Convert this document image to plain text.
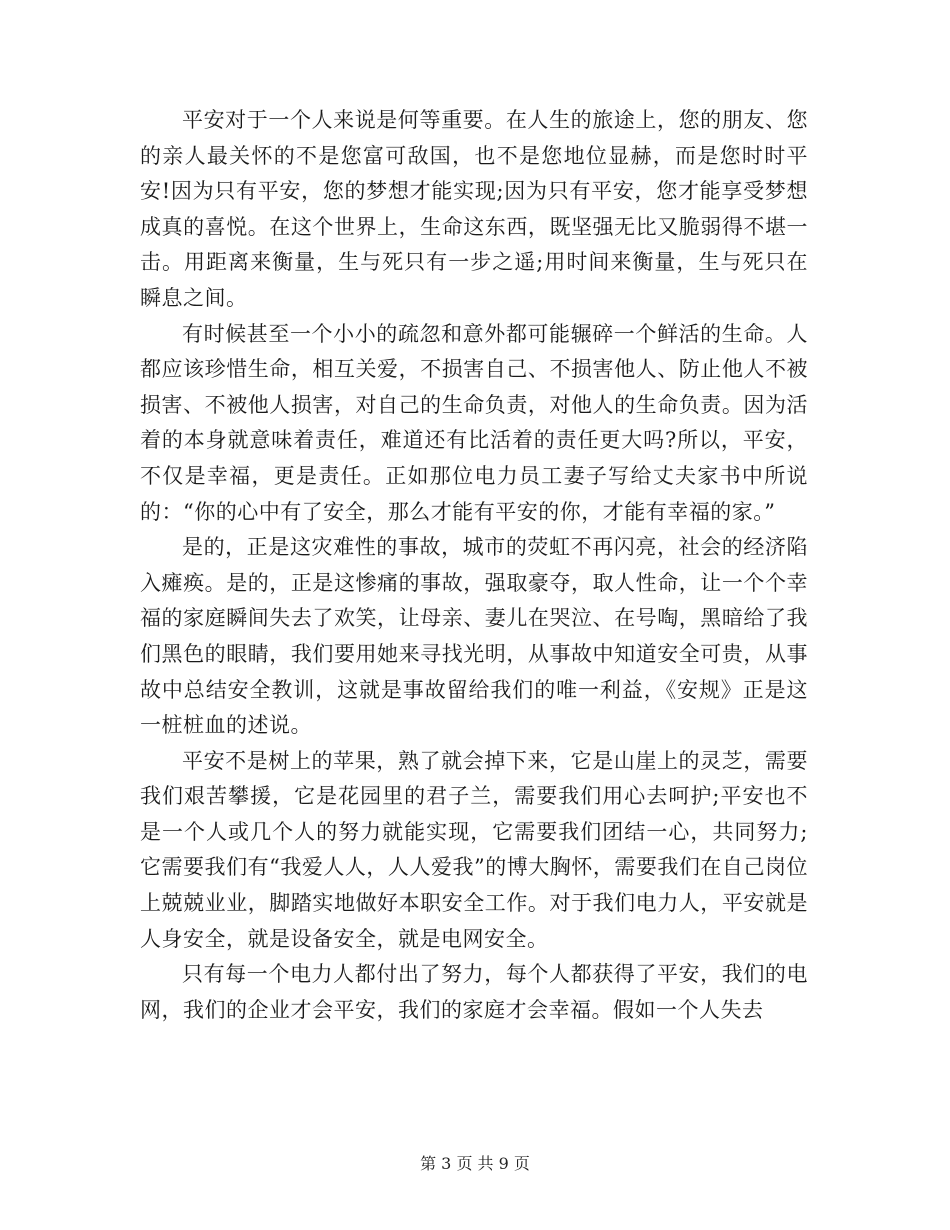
平安对于一个人来说是何等重要。在人生的旅途上，您的朋友、您的亲人最关怀的不是您富可敌国，也不是您地位显赫，而是您时时平安!因为只有平安，您的梦想才能实现;因为只有平安，您才能享受梦想成真的喜悦。在这个世界上，生命这东西，既坚强无比又脆弱得不堪一击。用距离来衡量，生与死只有一步之遥;用时间来衡量，生与死只在瞬息之间。

有时候甚至一个小小的疏忽和意外都可能辗碎一个鲜活的生命。人都应该珍惜生命，相互关爱，不损害自己、不损害他人、防止他人不被损害、不被他人损害，对自己的生命负责，对他人的生命负责。因为活着的本身就意味着责任，难道还有比活着的责任更大吗?所以，平安，不仅是幸福，更是责任。正如那位电力员工妻子写给丈夫家书中所说的：“你的心中有了安全，那么才能有平安的你，才能有幸福的家。”

是的，正是这灾难性的事故，城市的荧虹不再闪亮，社会的经济陷入瘫痪。是的，正是这惨痛的事故，强取豪夺，取人性命，让一个个幸福的家庭瞬间失去了欢笑，让母亲、妻儿在哭泣、在号啕，黑暗给了我们黑色的眼睛，我们要用她来寻找光明，从事故中知道安全可贵，从事故中总结安全教训，这就是事故留给我们的唯一利益，《安规》正是这一桩桩血的述说。

平安不是树上的苹果，熟了就会掉下来，它是山崖上的灵芝，需要我们艰苦攀援，它是花园里的君子兰，需要我们用心去呵护;平安也不是一个人或几个人的努力就能实现，它需要我们团结一心，共同努力;它需要我们有“我爱人人，人人爱我”的博大胸怀，需要我们在自己岗位上兢兢业业，脚踏实地做好本职安全工作。对于我们电力人，平安就是人身安全，就是设备安全，就是电网安全。

只有每一个电力人都付出了努力，每个人都获得了平安，我们的电网，我们的企业才会平安，我们的家庭才会幸福。假如一个人失去

第 3 页 共 9 页
